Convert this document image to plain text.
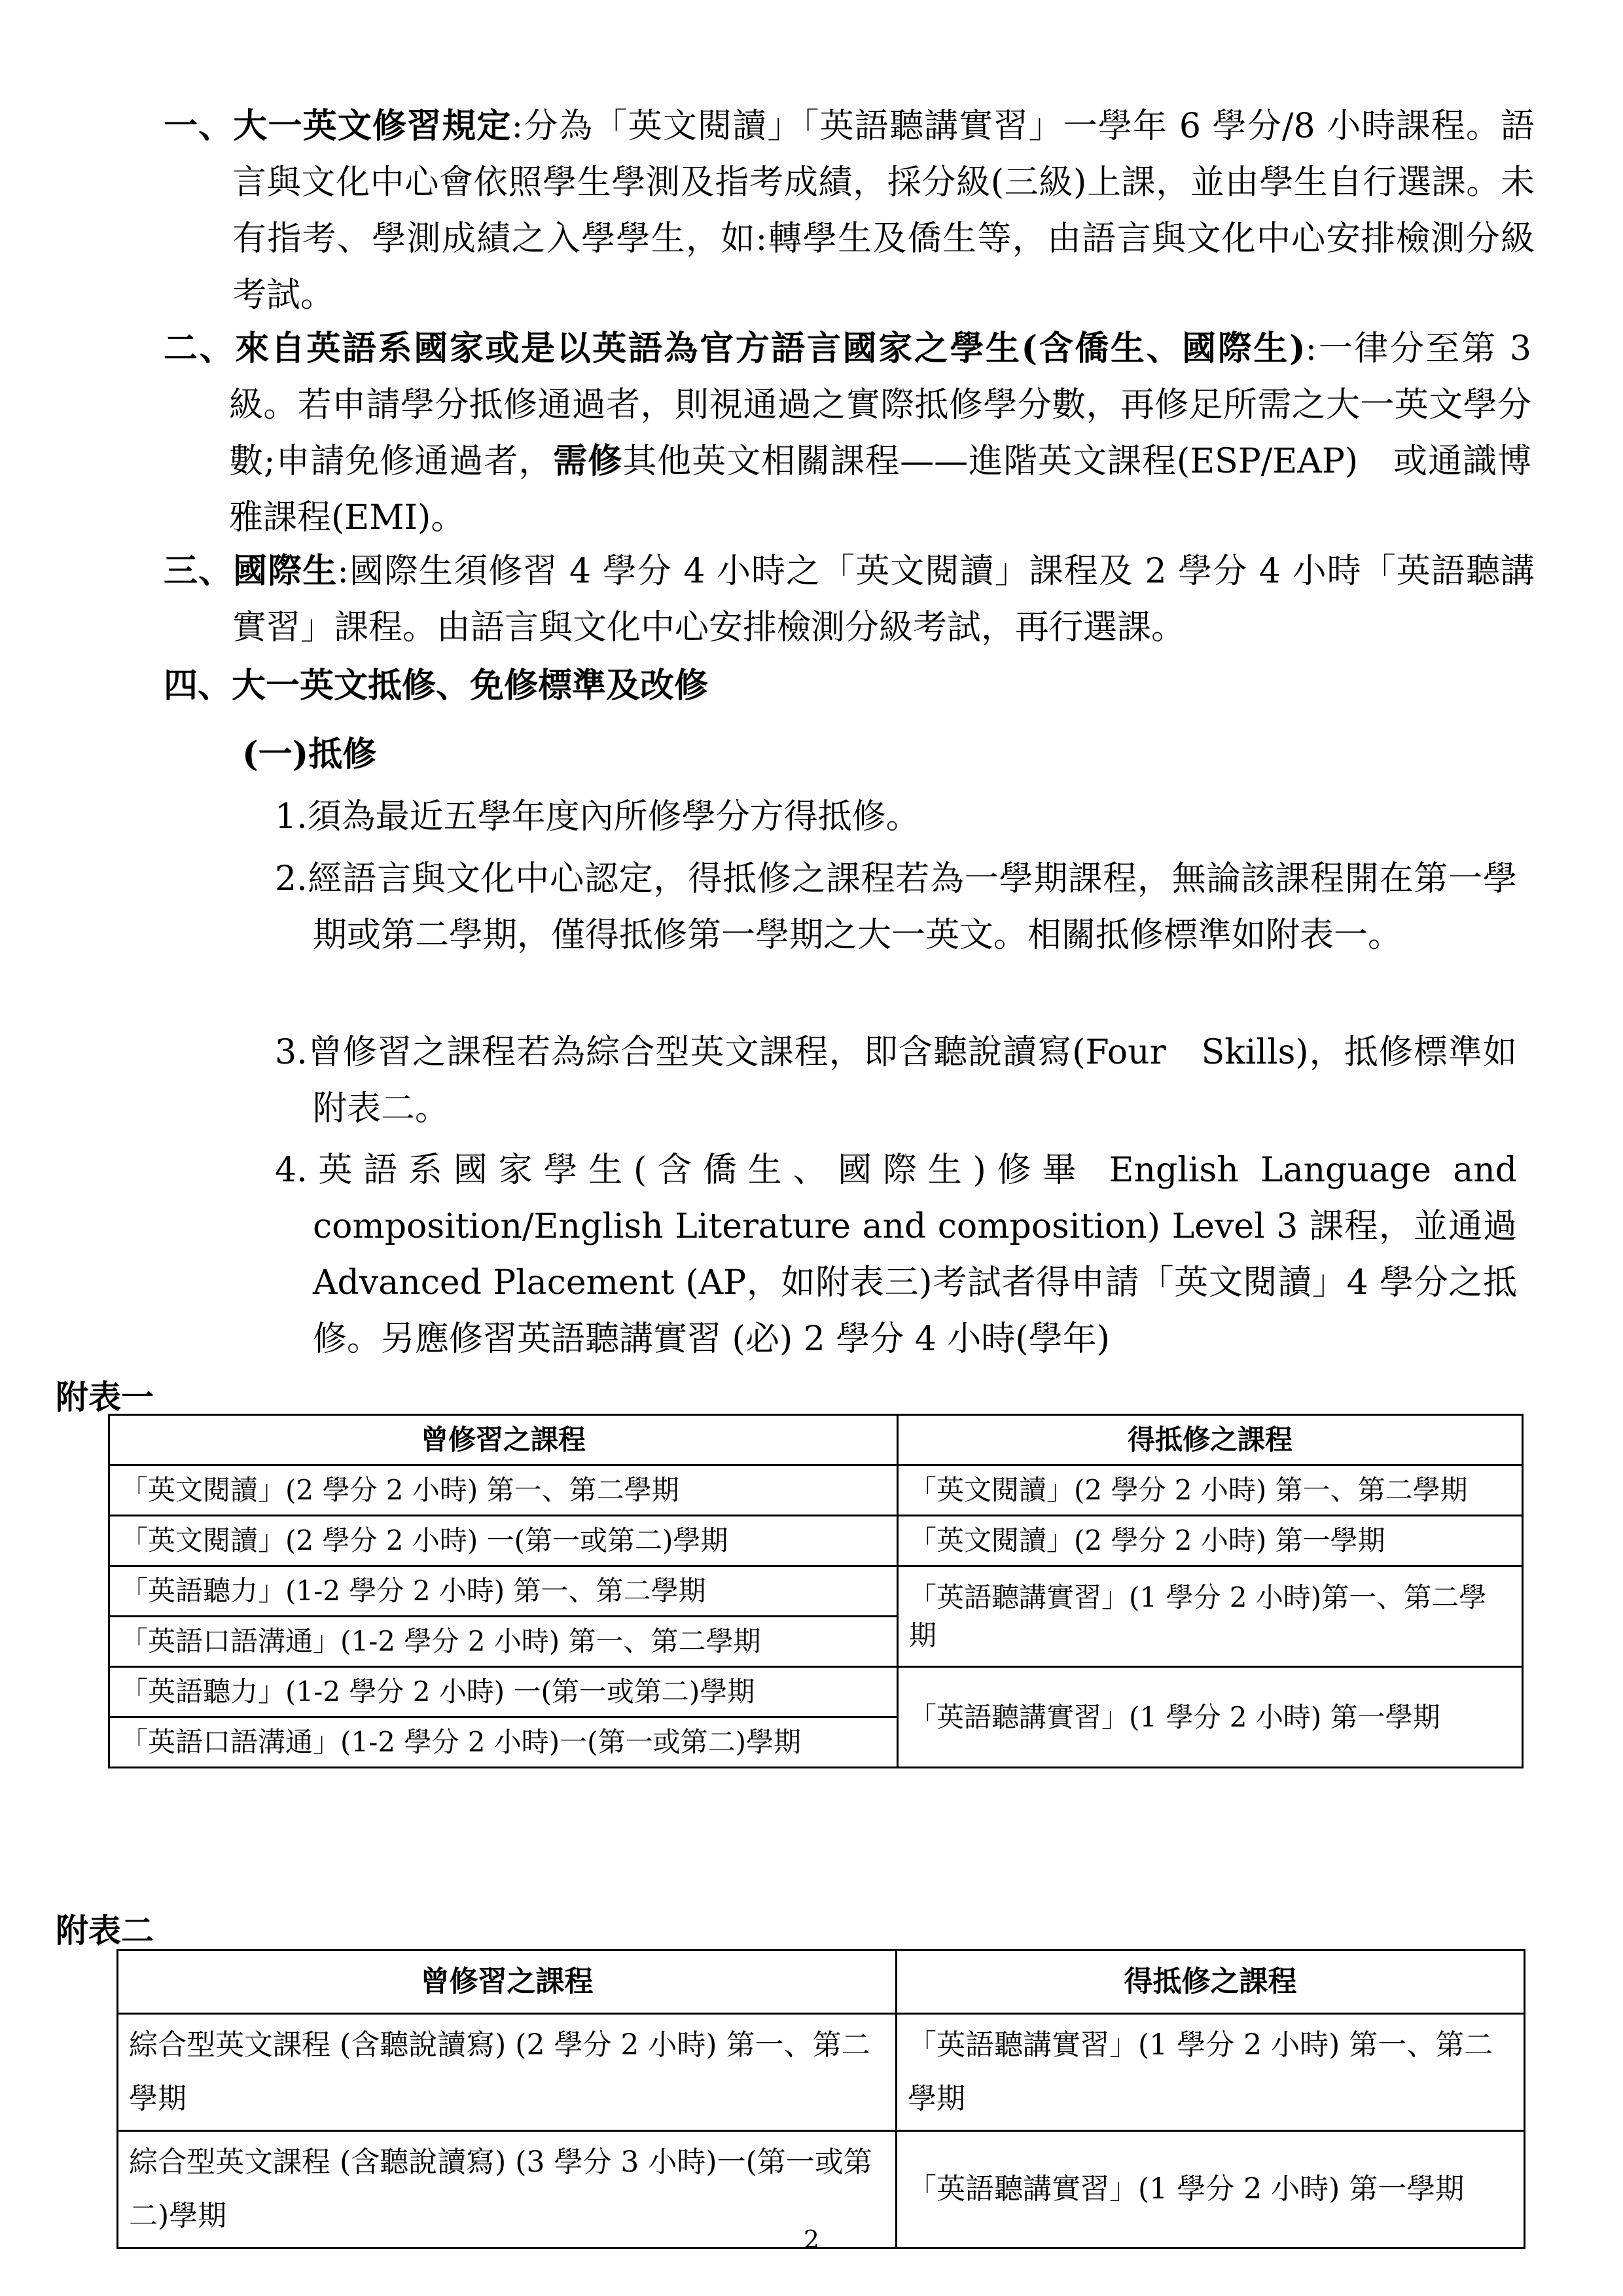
一、大一英文修習規定:分為「英文閱讀」「英語聽講實習」一學年 6 學分/8 小時課程。語言與文化中心會依照學生學測及指考成績，採分級(三級)上課，並由學生自行選課。未有指考、學測成績之入學學生，如:轉學生及僑生等，由語言與文化中心安排檢測分級考試。
二、來自英語系國家或是以英語為官方語言國家之學生(含僑生、國際生):一律分至第 3 級。若申請學分抵修通過者，則視通過之實際抵修學分數，再修足所需之大一英文學分數;申請免修通過者，需修其他英文相關課程——進階英文課程(ESP/EAP)　或通識博雅課程(EMI)。
三、國際生:國際生須修習 4 學分 4 小時之「英文閱讀」課程及 2 學分 4 小時「英語聽講實習」課程。由語言與文化中心安排檢測分級考試，再行選課。
四、大一英文抵修、免修標準及改修
(一)抵修
1.須為最近五學年度內所修學分方得抵修。
2.經語言與文化中心認定，得抵修之課程若為一學期課程，無論該課程開在第一學期或第二學期，僅得抵修第一學期之大一英文。相關抵修標準如附表一。
3.曾修習之課程若為綜合型英文課程，即含聽說讀寫(Four　Skills)，抵修標準如附表二。
4.英語系國家學生(含僑生、國際生)修畢 English Language and composition/English Literature and composition) Level 3 課程，並通過 Advanced Placement (AP，如附表三)考試者得申請「英文閱讀」4 學分之抵修。另應修習英語聽講實習 (必) 2 學分 4 小時(學年)
附表一
曾修習之課程	得抵修之課程
「英文閱讀」(2 學分 2 小時) 第一、第二學期	「英文閱讀」(2 學分 2 小時) 第一、第二學期
「英文閱讀」(2 學分 2 小時) 一(第一或第二)學期	「英文閱讀」(2 學分 2 小時) 第一學期
「英語聽力」(1-2 學分 2 小時) 第一、第二學期	「英語聽講實習」(1 學分 2 小時)第一、第二學期
「英語口語溝通」(1-2 學分 2 小時) 第一、第二學期	
「英語聽力」(1-2 學分 2 小時) 一(第一或第二)學期	「英語聽講實習」(1 學分 2 小時) 第一學期
「英語口語溝通」(1-2 學分 2 小時)一(第一或第二)學期	
附表二
曾修習之課程	得抵修之課程
綜合型英文課程 (含聽說讀寫) (2 學分 2 小時) 第一、第二學期	「英語聽講實習」(1 學分 2 小時) 第一、第二學期
綜合型英文課程 (含聽說讀寫) (3 學分 3 小時)一(第一或第二)學期	「英語聽講實習」(1 學分 2 小時) 第一學期
2
